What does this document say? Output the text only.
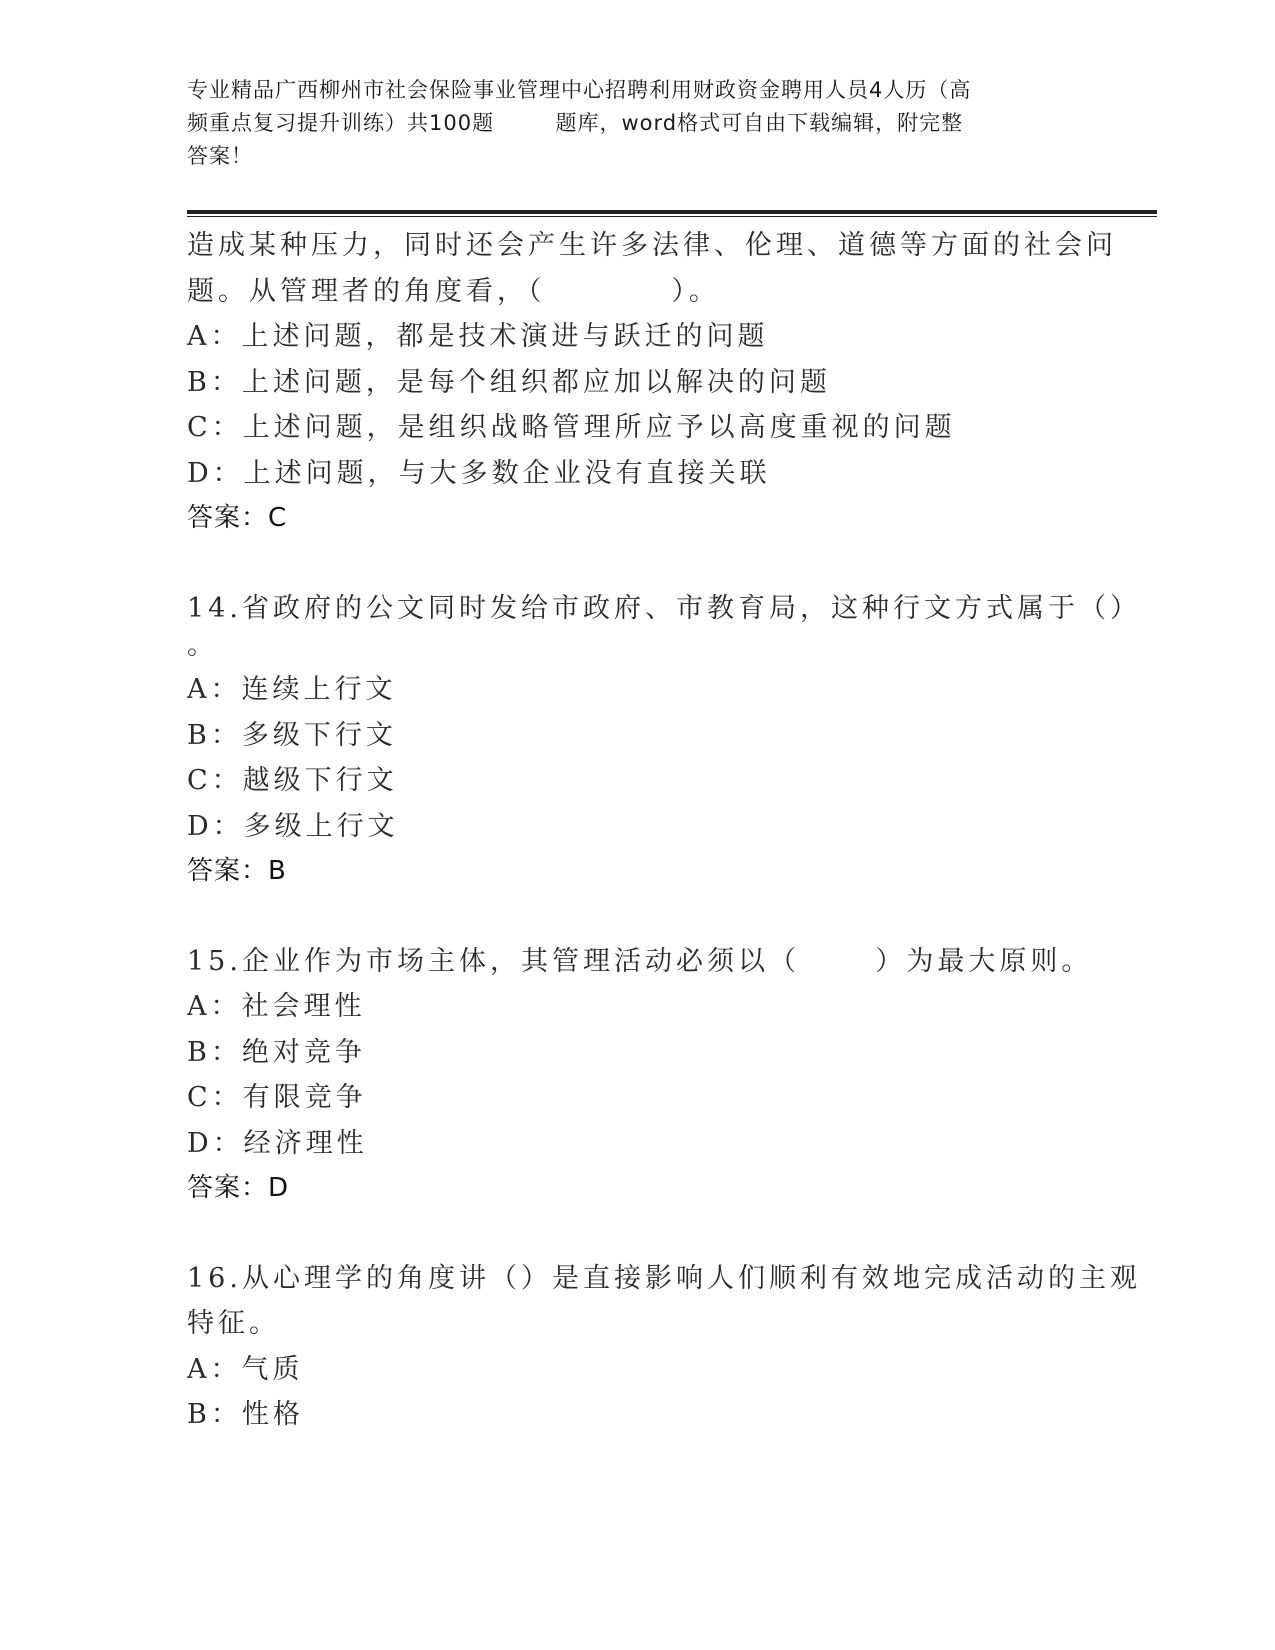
专业精品广西柳州市社会保险事业管理中心招聘利用财政资金聘用人员4人历（高
频重点复习提升训练）共100题        题库，word格式可自由下载编辑，附完整
答案！
造成某种压力，同时还会产生许多法律、伦理、道德等方面的社会问
题。从管理者的角度看，（          ）。
A：上述问题，都是技术演进与跃迁的问题
B：上述问题，是每个组织都应加以解决的问题
C：上述问题，是组织战略管理所应予以高度重视的问题
D：上述问题，与大多数企业没有直接关联
答案：C
14.省政府的公文同时发给市政府、市教育局，这种行文方式属于（）
。
A：连续上行文
B：多级下行文
C：越级下行文
D：多级上行文
答案：B
15.企业作为市场主体，其管理活动必须以（      ）为最大原则。
A：社会理性
B：绝对竞争
C：有限竞争
D：经济理性
答案：D
16.从心理学的角度讲（）是直接影响人们顺利有效地完成活动的主观
特征。
A：气质
B：性格
